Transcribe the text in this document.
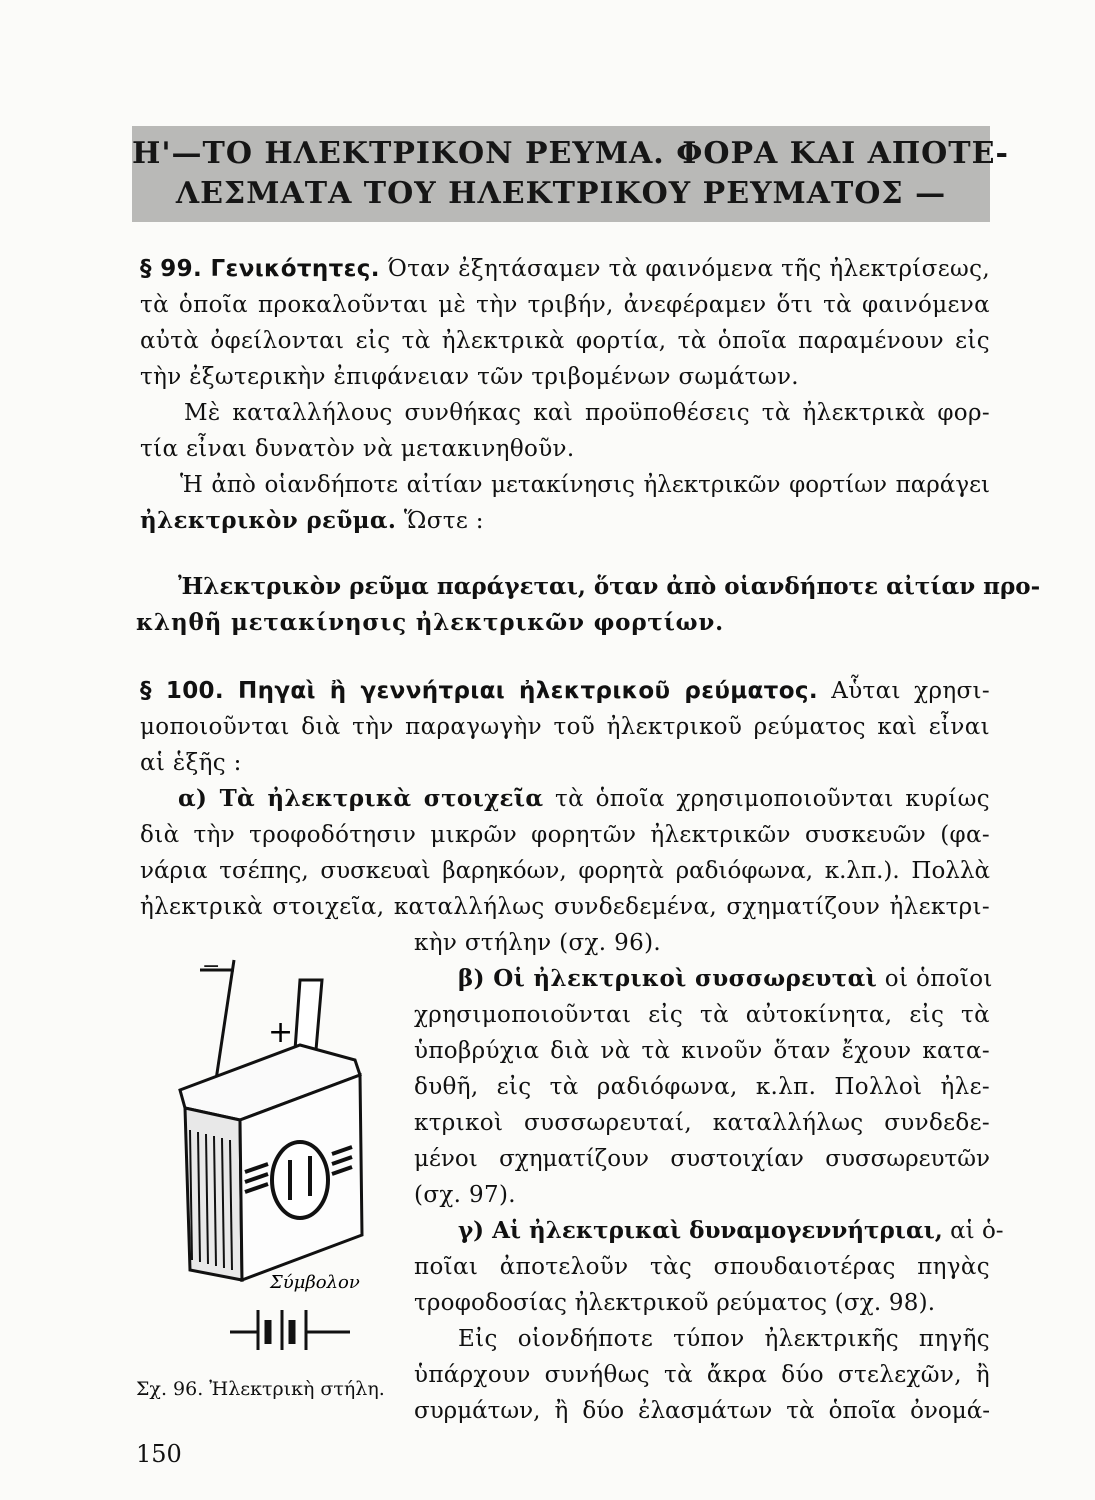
Η'—ΤΟ ΗΛΕΚΤΡΙΚΟΝ ΡΕΥΜΑ. ΦΟΡΑ ΚΑΙ ΑΠΟΤΕ-
ΛΕΣΜΑΤΑ ΤΟΥ ΗΛΕΚΤΡΙΚΟΥ ΡΕΥΜΑΤΟΣ —
§ 99. Γενικότητες. Όταν ἐξητάσαμεν τὰ φαινόμενα τῆς ἠλεκτρίσεως,
τὰ ὁποῖα προκαλοῦνται μὲ τὴν τριβήν, ἀνεφέραμεν ὅτι τὰ φαινόμενα
αὐτὰ ὀφείλονται εἰς τὰ ἠλεκτρικὰ φορτία, τὰ ὁποῖα παραμένουν εἰς
τὴν ἐξωτερικὴν ἐπιφάνειαν τῶν τριβομένων σωμάτων.
Μὲ καταλλήλους συνθήκας καὶ προϋποθέσεις τὰ ἠλεκτρικὰ φορ-
τία εἶναι δυνατὸν νὰ μετακινηθοῦν.
Ἡ ἀπὸ οἱανδήποτε αἰτίαν μετακίνησις ἠλεκτρικῶν φορτίων παράγει
ἠλεκτρικὸν ρεῦμα. Ὥστε :
Ἠλεκτρικὸν ρεῦμα παράγεται, ὅταν ἀπὸ οἱανδήποτε αἰτίαν προ-
κληθῆ μετακίνησις ἠλεκτρικῶν φορτίων.
§ 100. Πηγαὶ ἢ γεννήτριαι ἠλεκτρικοῦ ρεύματος. Αὗται χρησι-
μοποιοῦνται διὰ τὴν παραγωγὴν τοῦ ἠλεκτρικοῦ ρεύματος καὶ εἶναι
αἱ ἑξῆς :
α) Τὰ ἠλεκτρικὰ στοιχεῖα τὰ ὁποῖα χρησιμοποιοῦνται κυρίως
διὰ τὴν τροφοδότησιν μικρῶν φορητῶν ἠλεκτρικῶν συσκευῶν (φα-
νάρια τσέπης, συσκευαὶ βαρηκόων, φορητὰ ραδιόφωνα, κ.λπ.). Πολλὰ
ἠλεκτρικὰ στοιχεῖα, καταλλήλως συνδεδεμένα, σχηματίζουν ἠλεκτρι-
κὴν στήλην (σχ. 96).
β) Οἱ ἠλεκτρικοὶ συσσωρευταὶ οἱ ὁποῖοι
χρησιμοποιοῦνται εἰς τὰ αὐτοκίνητα, εἰς τὰ
ὑποβρύχια διὰ νὰ τὰ κινοῦν ὅταν ἔχουν κατα-
δυθῆ, εἰς τὰ ραδιόφωνα, κ.λπ. Πολλοὶ ἠλε-
κτρικοὶ συσσωρευταί, καταλλήλως συνδεδε-
μένοι σχηματίζουν συστοιχίαν συσσωρευτῶν
(σχ. 97).
γ) Αἱ ἠλεκτρικαὶ δυναμογεννήτριαι, αἱ ὁ-
ποῖαι ἀποτελοῦν τὰς σπουδαιοτέρας πηγὰς
τροφοδοσίας ἠλεκτρικοῦ ρεύματος (σχ. 98).
Εἰς οἱονδήποτε τύπον ἠλεκτρικῆς πηγῆς
ὑπάρχουν συνήθως τὰ ἄκρα δύο στελεχῶν, ἢ
συρμάτων, ἢ δύο ἐλασμάτων τὰ ὁποῖα ὀνομά-
+
Σύμβολον
−
Σχ. 96. Ἠλεκτρικὴ στήλη.
150
